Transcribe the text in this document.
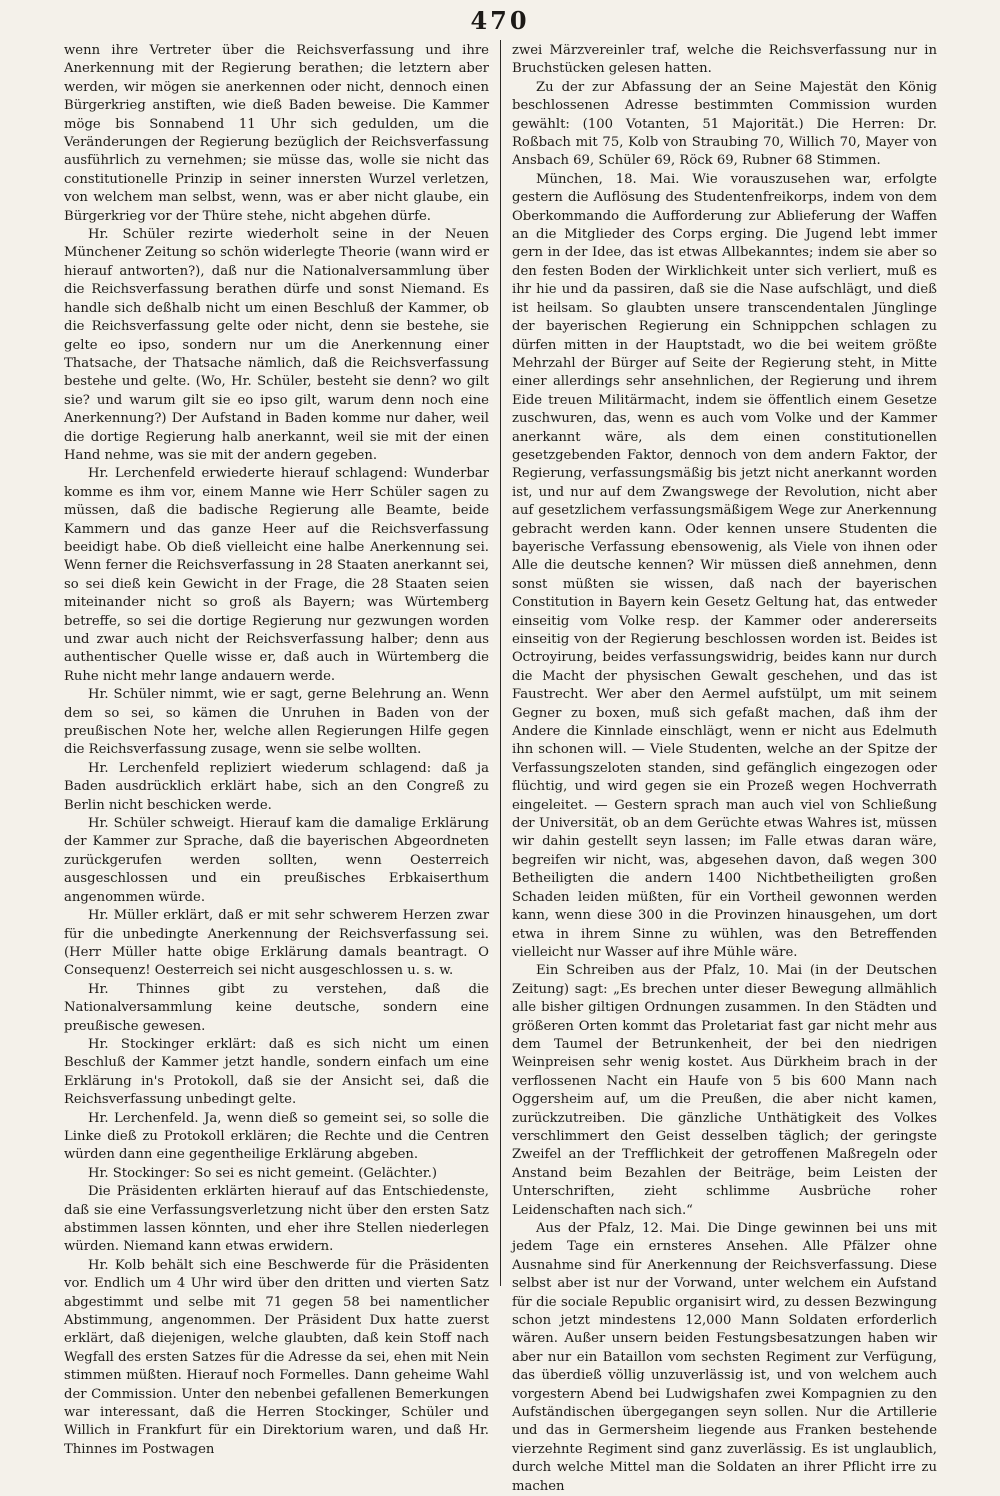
470

wenn ihre Vertreter über die Reichsverfassung und ihre Anerkennung mit der Regierung berathen; die letztern aber werden, wir mögen sie anerkennen oder nicht, dennoch einen Bürgerkrieg anstiften, wie dieß Baden beweise. Die Kammer möge bis Sonnabend 11 Uhr sich gedulden, um die Veränderungen der Regierung bezüglich der Reichsverfassung ausführlich zu vernehmen; sie müsse das, wolle sie nicht das constitutionelle Prinzip in seiner innersten Wurzel verletzen, von welchem man selbst, wenn, was er aber nicht glaube, ein Bürgerkrieg vor der Thüre stehe, nicht abgehen dürfe.

Hr. Schüler rezirte wiederholt seine in der Neuen Münchener Zeitung so schön widerlegte Theorie (wann wird er hierauf antworten?), daß nur die Nationalversammlung über die Reichsverfassung berathen dürfe und sonst Niemand. Es handle sich deßhalb nicht um einen Beschluß der Kammer, ob die Reichsverfassung gelte oder nicht, denn sie bestehe, sie gelte eo ipso, sondern nur um die Anerkennung einer Thatsache, der Thatsache nämlich, daß die Reichsverfassung bestehe und gelte. (Wo, Hr. Schüler, besteht sie denn? wo gilt sie? und warum gilt sie eo ipso gilt, warum denn noch eine Anerkennung?) Der Aufstand in Baden komme nur daher, weil die dortige Regierung halb anerkannt, weil sie mit der einen Hand nehme, was sie mit der andern gegeben.

Hr. Lerchenfeld erwiederte hierauf schlagend: Wunderbar komme es ihm vor, einem Manne wie Herr Schüler sagen zu müssen, daß die badische Regierung alle Beamte, beide Kammern und das ganze Heer auf die Reichsverfassung beeidigt habe. Ob dieß vielleicht eine halbe Anerkennung sei. Wenn ferner die Reichsverfassung in 28 Staaten anerkannt sei, so sei dieß kein Gewicht in der Frage, die 28 Staaten seien miteinander nicht so groß als Bayern; was Würtemberg betreffe, so sei die dortige Regierung nur gezwungen worden und zwar auch nicht der Reichsverfassung halber; denn aus authentischer Quelle wisse er, daß auch in Würtemberg die Ruhe nicht mehr lange andauern werde.

Hr. Schüler nimmt, wie er sagt, gerne Belehrung an. Wenn dem so sei, so kämen die Unruhen in Baden von der preußischen Note her, welche allen Regierungen Hilfe gegen die Reichsverfassung zusage, wenn sie selbe wollten.

Hr. Lerchenfeld repliziert wiederum schlagend: daß ja Baden ausdrücklich erklärt habe, sich an den Congreß zu Berlin nicht beschicken werde.

Hr. Schüler schweigt. Hierauf kam die damalige Erklärung der Kammer zur Sprache, daß die bayerischen Abgeordneten zurückgerufen werden sollten, wenn Oesterreich ausgeschlossen und ein preußisches Erbkaiserthum angenommen würde.

Hr. Müller erklärt, daß er mit sehr schwerem Herzen zwar für die unbedingte Anerkennung der Reichsverfassung sei. (Herr Müller hatte obige Erklärung damals beantragt. O Consequenz! Oesterreich sei nicht ausgeschlossen u. s. w.

Hr. Thinnes gibt zu verstehen, daß die Nationalversammlung keine deutsche, sondern eine preußische gewesen.

Hr. Stockinger erklärt: daß es sich nicht um einen Beschluß der Kammer jetzt handle, sondern einfach um eine Erklärung in's Protokoll, daß sie der Ansicht sei, daß die Reichsverfassung unbedingt gelte.

Hr. Lerchenfeld. Ja, wenn dieß so gemeint sei, so solle die Linke dieß zu Protokoll erklären; die Rechte und die Centren würden dann eine gegentheilige Erklärung abgeben.

Hr. Stockinger: So sei es nicht gemeint. (Gelächter.)

Die Präsidenten erklärten hierauf auf das Entschiedenste, daß sie eine Verfassungsverletzung nicht über den ersten Satz abstimmen lassen könnten, und eher ihre Stellen niederlegen würden. Niemand kann etwas erwidern.

Hr. Kolb behält sich eine Beschwerde für die Präsidenten vor. Endlich um 4 Uhr wird über den dritten und vierten Satz abgestimmt und selbe mit 71 gegen 58 bei namentlicher Abstimmung, angenommen. Der Präsident Dux hatte zuerst erklärt, daß diejenigen, welche glaubten, daß kein Stoff nach Wegfall des ersten Satzes für die Adresse da sei, ehen mit Nein stimmen müßten. Hierauf noch Formelles. Dann geheime Wahl der Commission. Unter den nebenbei gefallenen Bemerkungen war interessant, daß die Herren Stockinger, Schüler und Willich in Frankfurt für ein Direktorium waren, und daß Hr. Thinnes im Postwagen

zwei Märzvereinler traf, welche die Reichsverfassung nur in Bruchstücken gelesen hatten.

Zu der zur Abfassung der an Seine Majestät den König beschlossenen Adresse bestimmten Commission wurden gewählt: (100 Votanten, 51 Majorität.) Die Herren: Dr. Roßbach mit 75, Kolb von Straubing 70, Willich 70, Mayer von Ansbach 69, Schüler 69, Röck 69, Rubner 68 Stimmen.

München, 18. Mai. Wie vorauszusehen war, erfolgte gestern die Auflösung des Studentenfreikorps, indem von dem Oberkommando die Aufforderung zur Ablieferung der Waffen an die Mitglieder des Corps erging. Die Jugend lebt immer gern in der Idee, das ist etwas Allbekanntes; indem sie aber so den festen Boden der Wirklichkeit unter sich verliert, muß es ihr hie und da passiren, daß sie die Nase aufschlägt, und dieß ist heilsam. So glaubten unsere transcendentalen Jünglinge der bayerischen Regierung ein Schnippchen schlagen zu dürfen mitten in der Hauptstadt, wo die bei weitem größte Mehrzahl der Bürger auf Seite der Regierung steht, in Mitte einer allerdings sehr ansehnlichen, der Regierung und ihrem Eide treuen Militärmacht, indem sie öffentlich einem Gesetze zuschwuren, das, wenn es auch vom Volke und der Kammer anerkannt wäre, als dem einen constitutionellen gesetzgebenden Faktor, dennoch von dem andern Faktor, der Regierung, verfassungsmäßig bis jetzt nicht anerkannt worden ist, und nur auf dem Zwangswege der Revolution, nicht aber auf gesetzlichem verfassungsmäßigem Wege zur Anerkennung gebracht werden kann. Oder kennen unsere Studenten die bayerische Verfassung ebensowenig, als Viele von ihnen oder Alle die deutsche kennen? Wir müssen dieß annehmen, denn sonst müßten sie wissen, daß nach der bayerischen Constitution in Bayern kein Gesetz Geltung hat, das entweder einseitig vom Volke resp. der Kammer oder andererseits einseitig von der Regierung beschlossen worden ist. Beides ist Octroyirung, beides verfassungswidrig, beides kann nur durch die Macht der physischen Gewalt geschehen, und das ist Faustrecht. Wer aber den Aermel aufstülpt, um mit seinem Gegner zu boxen, muß sich gefaßt machen, daß ihm der Andere die Kinnlade einschlägt, wenn er nicht aus Edelmuth ihn schonen will. — Viele Studenten, welche an der Spitze der Verfassungszeloten standen, sind gefänglich eingezogen oder flüchtig, und wird gegen sie ein Prozeß wegen Hochverrath eingeleitet. — Gestern sprach man auch viel von Schließung der Universität, ob an dem Gerüchte etwas Wahres ist, müssen wir dahin gestellt seyn lassen; im Falle etwas daran wäre, begreifen wir nicht, was, abgesehen davon, daß wegen 300 Betheiligten die andern 1400 Nichtbetheiligten großen Schaden leiden müßten, für ein Vortheil gewonnen werden kann, wenn diese 300 in die Provinzen hinausgehen, um dort etwa in ihrem Sinne zu wühlen, was den Betreffenden vielleicht nur Wasser auf ihre Mühle wäre.

Ein Schreiben aus der Pfalz, 10. Mai (in der Deutschen Zeitung) sagt: „Es brechen unter dieser Bewegung allmählich alle bisher giltigen Ordnungen zusammen. In den Städten und größeren Orten kommt das Proletariat fast gar nicht mehr aus dem Taumel der Betrunkenheit, der bei den niedrigen Weinpreisen sehr wenig kostet. Aus Dürkheim brach in der verflossenen Nacht ein Haufe von 5 bis 600 Mann nach Oggersheim auf, um die Preußen, die aber nicht kamen, zurückzutreiben. Die gänzliche Unthätigkeit des Volkes verschlimmert den Geist desselben täglich; der geringste Zweifel an der Trefflichkeit der getroffenen Maßregeln oder Anstand beim Bezahlen der Beiträge, beim Leisten der Unterschriften, zieht schlimme Ausbrüche roher Leidenschaften nach sich.“

Aus der Pfalz, 12. Mai. Die Dinge gewinnen bei uns mit jedem Tage ein ernsteres Ansehen. Alle Pfälzer ohne Ausnahme sind für Anerkennung der Reichsverfassung. Diese selbst aber ist nur der Vorwand, unter welchem ein Aufstand für die sociale Republic organisirt wird, zu dessen Bezwingung schon jetzt mindestens 12,000 Mann Soldaten erforderlich wären. Außer unsern beiden Festungsbesatzungen haben wir aber nur ein Bataillon vom sechsten Regiment zur Verfügung, das überdieß völlig unzuverlässig ist, und von welchem auch vorgestern Abend bei Ludwigshafen zwei Kompagnien zu den Aufständischen übergegangen seyn sollen. Nur die Artillerie und das in Germersheim liegende aus Franken bestehende vierzehnte Regiment sind ganz zuverlässig. Es ist unglaublich, durch welche Mittel man die Soldaten an ihrer Pflicht irre zu machen
